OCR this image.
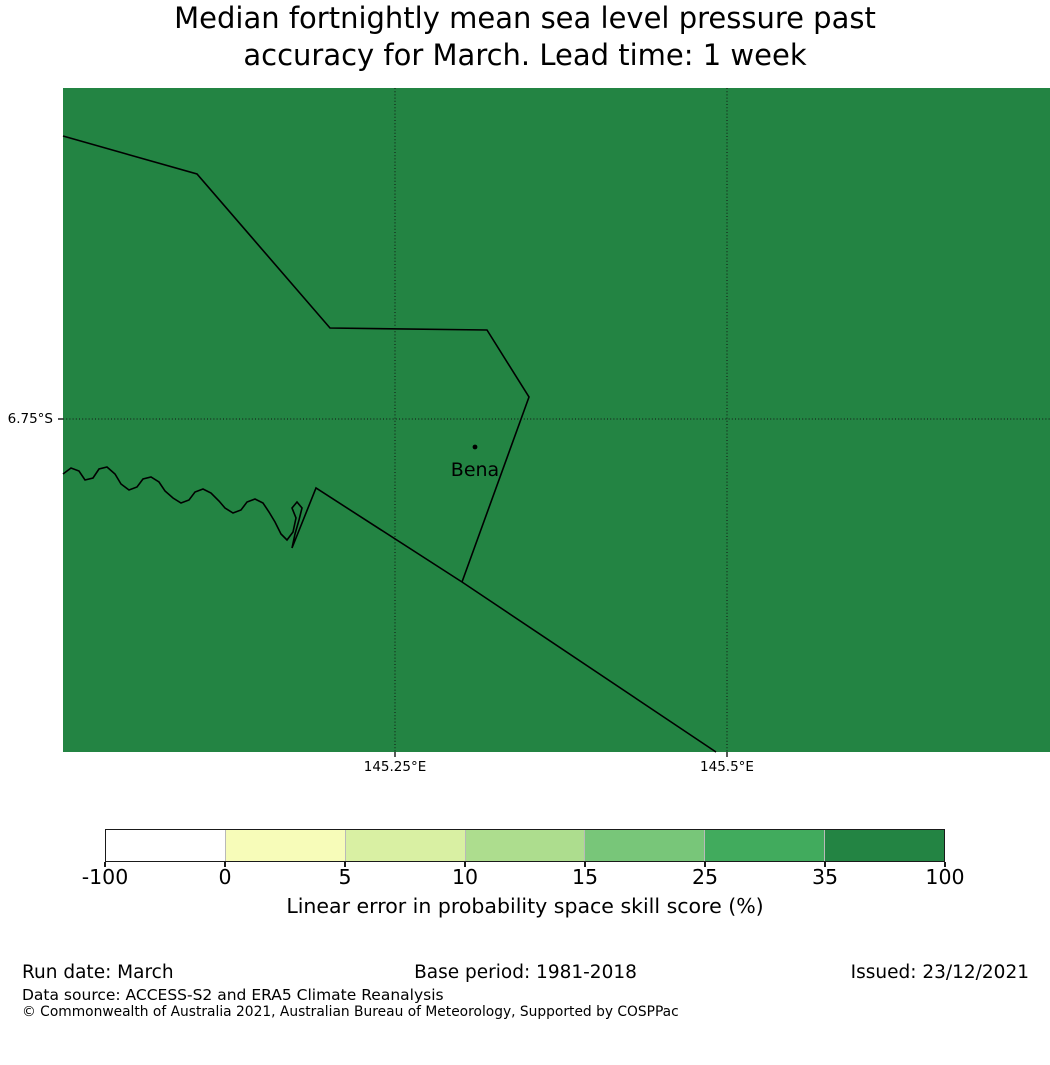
Median fortnightly mean sea level pressure past
accuracy for March. Lead time: 1 week
Bena
6.75°S
145.25°E	145.5°E
-100	0	5	10	15	25	35	100
Linear error in probability space skill score (%)
Run date: March	Base period: 1981-2018	Issued: 23/12/2021
Data source: ACCESS-S2 and ERA5 Climate Reanalysis
© Commonwealth of Australia 2021, Australian Bureau of Meteorology, Supported by COSPPac
